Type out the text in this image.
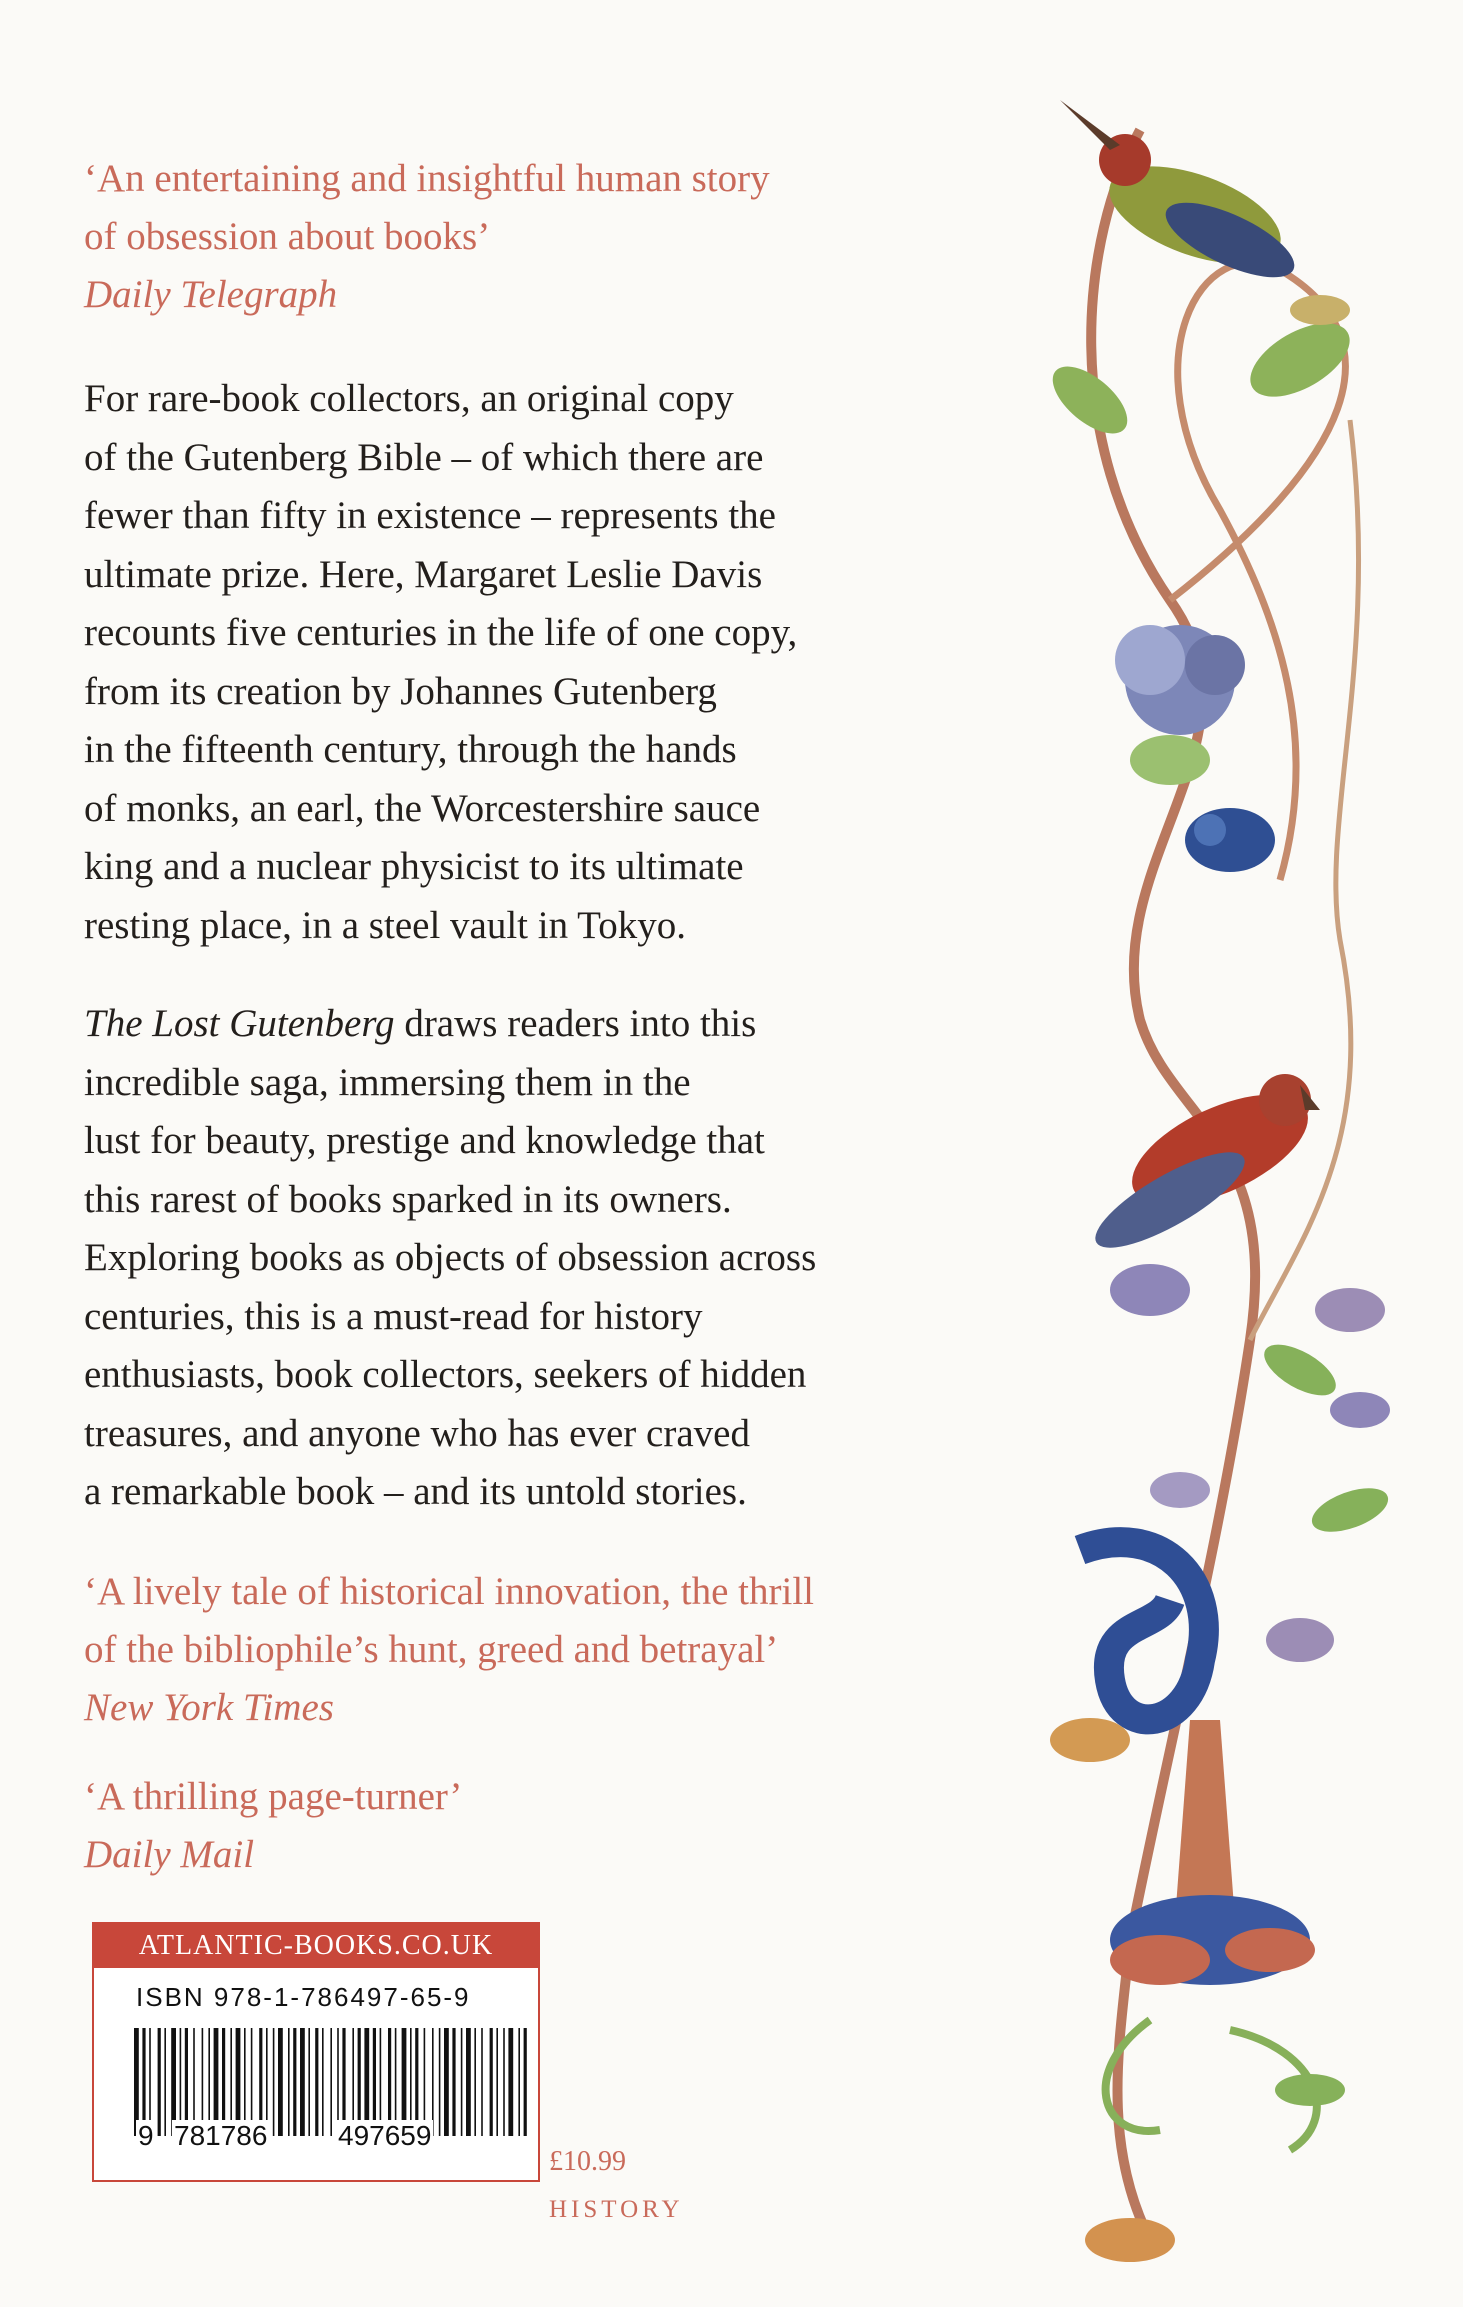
‘An entertaining and insightful human story
of obsession about books’
Daily Telegraph
For rare-book collectors, an original copy
of the Gutenberg Bible – of which there are
fewer than fifty in existence – represents the
ultimate prize. Here, Margaret Leslie Davis
recounts five centuries in the life of one copy,
from its creation by Johannes Gutenberg
in the fifteenth century, through the hands
of monks, an earl, the Worcestershire sauce
king and a nuclear physicist to its ultimate
resting place, in a steel vault in Tokyo.
The Lost Gutenberg draws readers into this
incredible saga, immersing them in the
lust for beauty, prestige and knowledge that
this rarest of books sparked in its owners.
Exploring books as objects of obsession across
centuries, this is a must-read for history
enthusiasts, book collectors, seekers of hidden
treasures, and anyone who has ever craved
a remarkable book – and its untold stories.
‘A lively tale of historical innovation, the thrill
of the bibliophile’s hunt, greed and betrayal’
New York Times
‘A thrilling page-turner’
Daily Mail
ATLANTIC-BOOKS.CO.UK
ISBN 978-1-786497-65-9
9 781786	497659
£10.99
HISTORY
